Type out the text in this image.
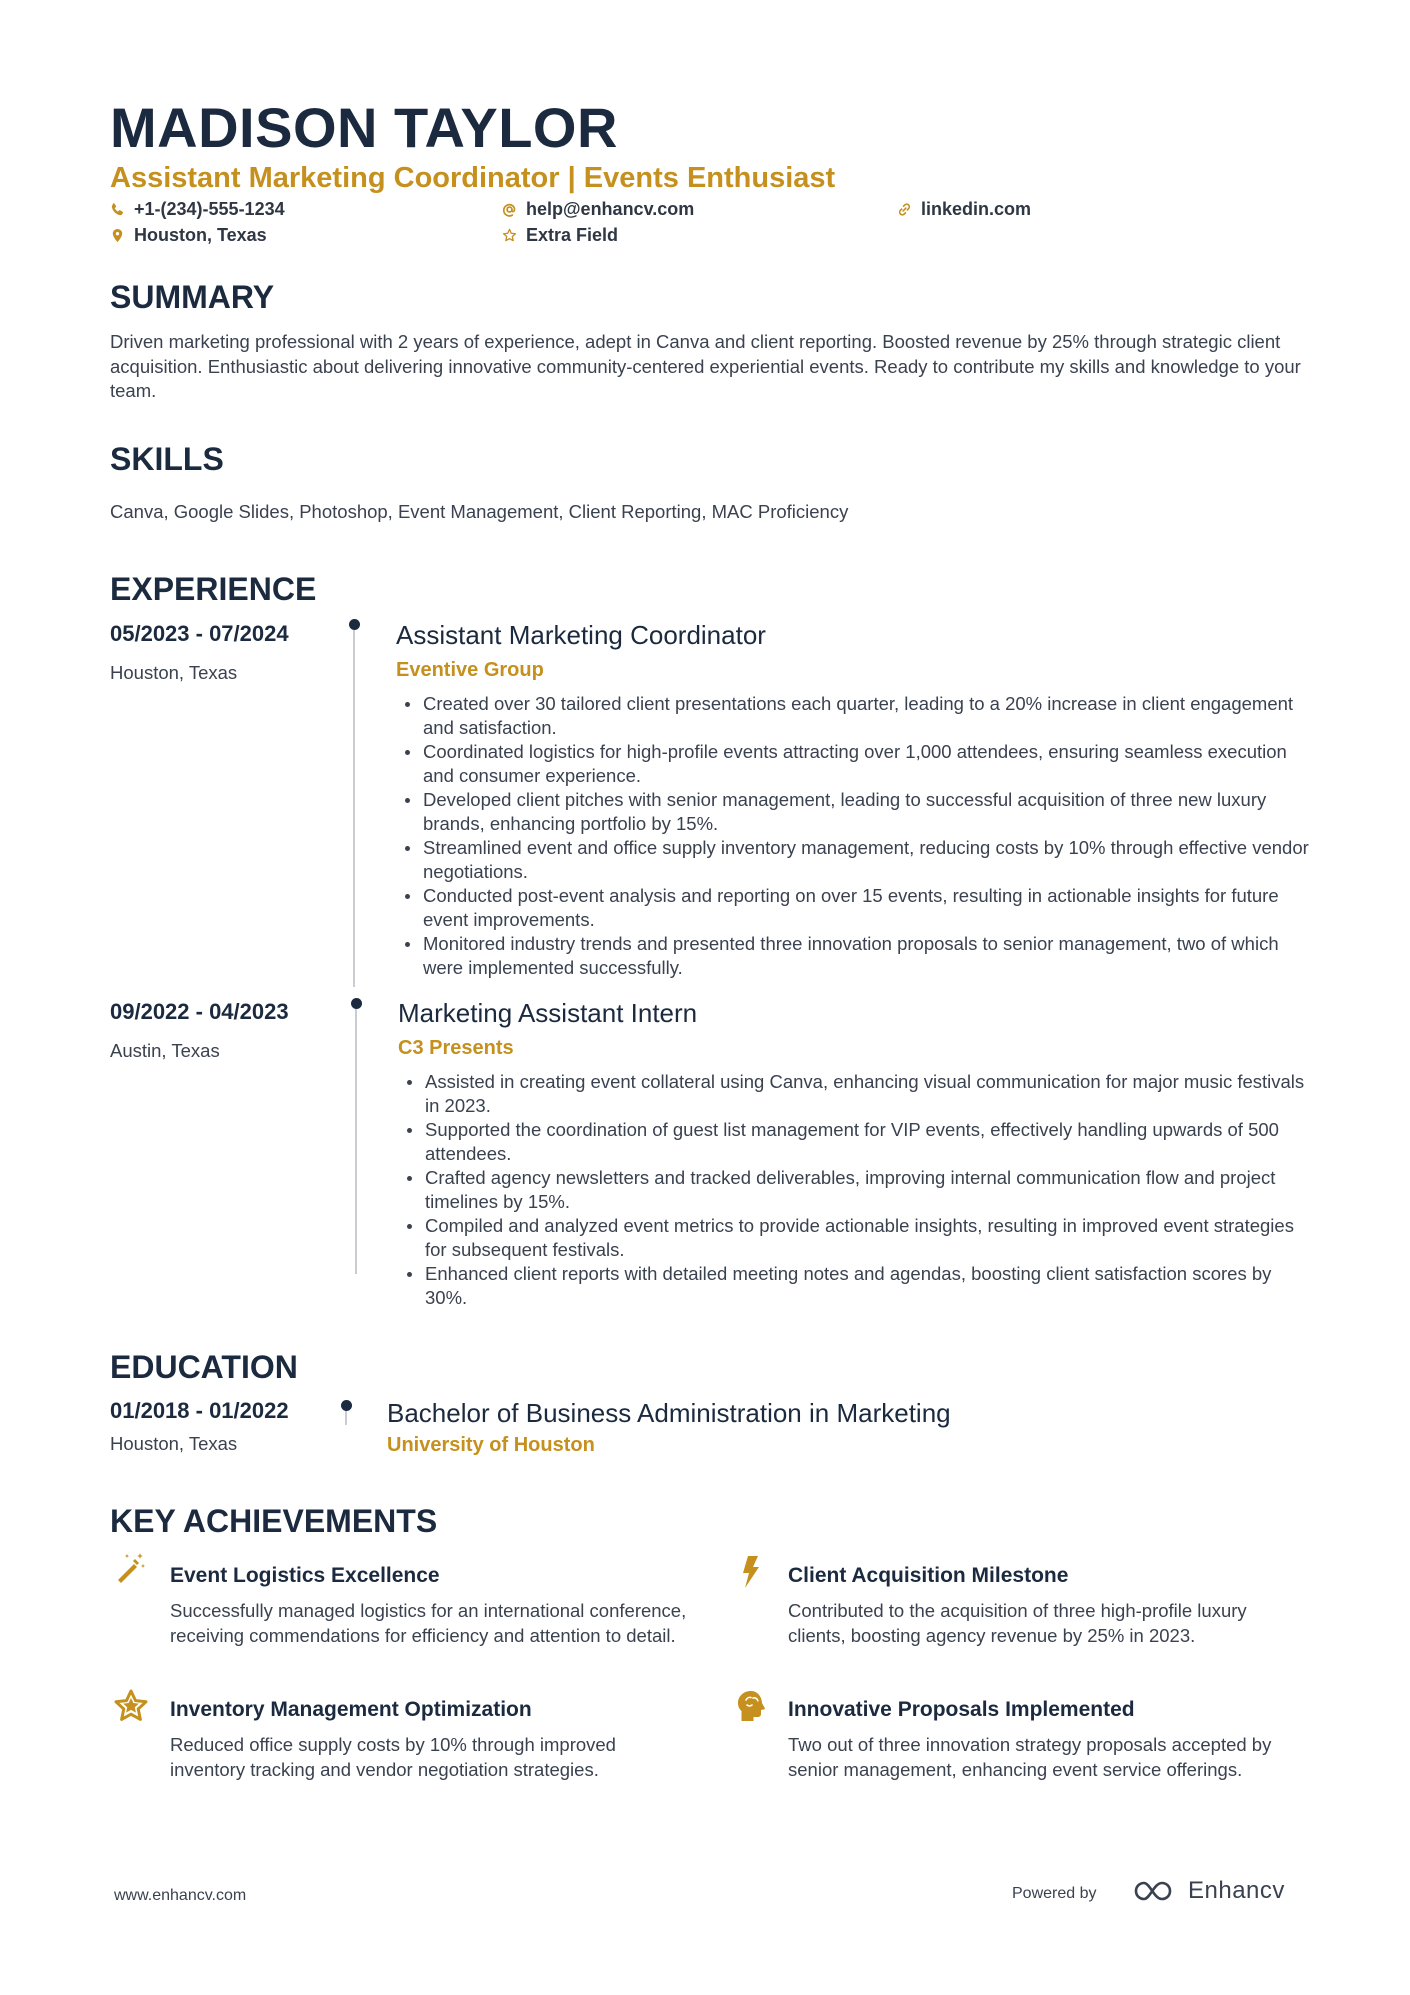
MADISON TAYLOR
Assistant Marketing Coordinator | Events Enthusiast
+1-(234)-555-1234	help@enhancv.com	linkedin.com
Houston, Texas	Extra Field
SUMMARY
Driven marketing professional with 2 years of experience, adept in Canva and client reporting. Boosted revenue by 25% through strategic client acquisition. Enthusiastic about delivering innovative community-centered experiential events. Ready to contribute my skills and knowledge to your team.
SKILLS
Canva, Google Slides, Photoshop, Event Management, Client Reporting, MAC Proficiency
EXPERIENCE
05/2023 - 07/2024
Houston, Texas
Assistant Marketing Coordinator
Eventive Group
Created over 30 tailored client presentations each quarter, leading to a 20% increase in client engagement and satisfaction.
Coordinated logistics for high-profile events attracting over 1,000 attendees, ensuring seamless execution and consumer experience.
Developed client pitches with senior management, leading to successful acquisition of three new luxury brands, enhancing portfolio by 15%.
Streamlined event and office supply inventory management, reducing costs by 10% through effective vendor negotiations.
Conducted post-event analysis and reporting on over 15 events, resulting in actionable insights for future event improvements.
Monitored industry trends and presented three innovation proposals to senior management, two of which were implemented successfully.
09/2022 - 04/2023
Austin, Texas
Marketing Assistant Intern
C3 Presents
Assisted in creating event collateral using Canva, enhancing visual communication for major music festivals in 2023.
Supported the coordination of guest list management for VIP events, effectively handling upwards of 500 attendees.
Crafted agency newsletters and tracked deliverables, improving internal communication flow and project timelines by 15%.
Compiled and analyzed event metrics to provide actionable insights, resulting in improved event strategies for subsequent festivals.
Enhanced client reports with detailed meeting notes and agendas, boosting client satisfaction scores by 30%.
EDUCATION
01/2018 - 01/2022
Houston, Texas
Bachelor of Business Administration in Marketing
University of Houston
KEY ACHIEVEMENTS
Event Logistics Excellence
Successfully managed logistics for an international conference, receiving commendations for efficiency and attention to detail.
Client Acquisition Milestone
Contributed to the acquisition of three high-profile luxury clients, boosting agency revenue by 25% in 2023.
Inventory Management Optimization
Reduced office supply costs by 10% through improved inventory tracking and vendor negotiation strategies.
Innovative Proposals Implemented
Two out of three innovation strategy proposals accepted by senior management, enhancing event service offerings.
www.enhancv.com	Powered by	Enhancv
